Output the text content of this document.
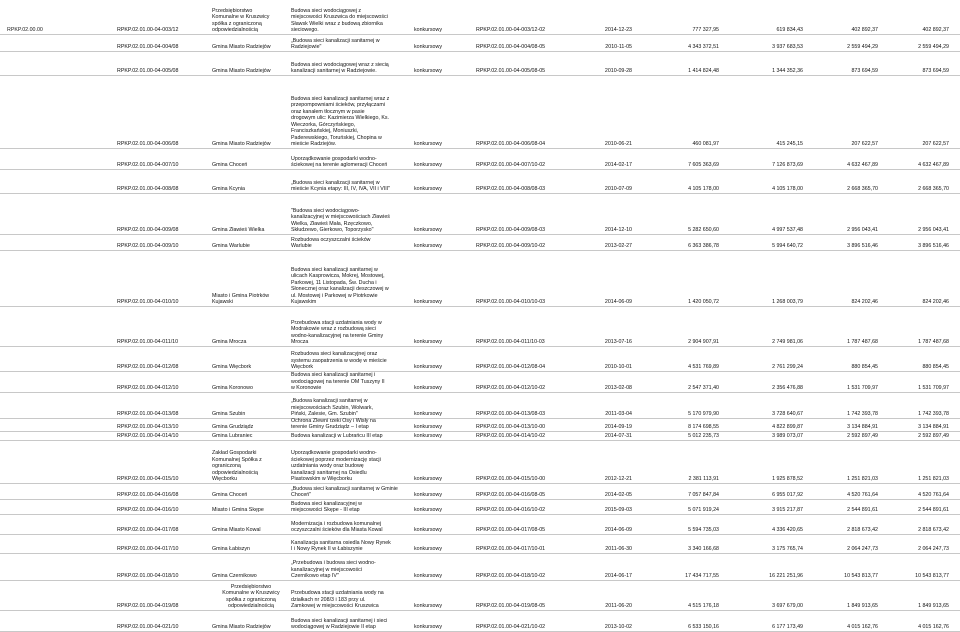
RPKP.02.00.00	RPKP.02.01.00-04-003/12
Przedsiębiorstwo
Komunalne w Kruszwicy
spółka z ograniczoną
odpowiedzialnością
Budowa sieci wodociągowej z
miejscowości Kruszwica do miejscowości
Sławsk Wielki wraz z budową zbiornika
sieciowego.	konkursowy	RPKP.02.01.00-04-003/12-02	2014-12-23	777 327,95	619 834,43	402 892,37	402 892,37
RPKP.02.01.00-04-004/08	Gmina Miasto Radziejów
„Budowa sieci kanalizacji sanitarnej w
Radziejowie"	konkursowy	RPKP.02.01.00-04-004/08-05	2010-11-05	4 343 372,51	3 937 683,53	2 559 494,29	2 559 494,29
RPKP.02.01.00-04-005/08	Gmina Miasto Radziejów
Budowa sieci wodociągowej wraz z siecią
kanalizacji sanitarnej w Radziejowie.	konkursowy	RPKP.02.01.00-04-005/08-05	2010-09-28	1 414 824,48	1 344 352,36	873 694,59	873 694,59
RPKP.02.01.00-04-006/08	Gmina Miasto Radziejów
Budowa sieci kanalizacji sanitarnej wraz z
przepompowniami ścieków, przyłączami
oraz kanałem tłocznym w pasie
drogowym ulic: Kazimierza Wielkiego, Ks.
Wieczorka, Górczyńskiego,
Franciszkańskiej, Moniuszki,
Paderewskiego, Toruńskiej, Chopina w
mieście Radziejów.	konkursowy	RPKP.02.01.00-04-006/08-04	2010-06-21	460 081,97	415 245,15	207 622,57	207 622,57
RPKP.02.01.00-04-007/10	Gmina Choceń
Uporządkowanie gospodarki wodno-
ściekowej na terenie aglomeracji Choceń	konkursowy	RPKP.02.01.00-04-007/10-02	2014-02-17	7 605 363,69	7 126 873,69	4 632 467,89	4 632 467,89
RPKP.02.01.00-04-008/08	Gmina Kcynia
„Budowa sieci kanalizacji sanitarnej w
mieście Kcynia etapy: III, IV, IVA, VII i VIII"	konkursowy	RPKP.02.01.00-04-008/08-03	2010-07-09	4 105 178,00	4 105 178,00	2 668 365,70	2 668 365,70
RPKP.02.01.00-04-009/08	Gmina Zławieś Wielka
"Budowa sieci wodociągowo-
kanalizacyjnej w miejscowościach Zławieś
Wielka, Zławieś Mała, Rzęczkowo,
Skłudzewo, Gierkowo, Toporzysko"	konkursowy	RPKP.02.01.00-04-009/08-03	2014-12-10	5 282 650,60	4 997 537,48	2 956 043,41	2 956 043,41
RPKP.02.01.00-04-009/10	Gmina Warlubie
Rozbudowa oczyszczalni ścieków
Warlubie	konkursowy	RPKP.02.01.00-04-009/10-02	2013-02-27	6 363 386,78	5 994 640,72	3 896 516,46	3 896 516,46
RPKP.02.01.00-04-010/10
Miasto i Gmina Piotrków
Kujawski
Budowa sieci kanalizacji sanitarnej w
ulicach Kasprowicza, Mokrej, Mostowej,
Parkowej, 11 Listopada, Św. Ducha i
Słonecznej oraz kanalizacji deszczowej w
ul. Mostowej i Parkowej w Piotrkowie
Kujawskim	konkursowy	RPKP.02.01.00-04-010/10-03	2014-06-09	1 420 050,72	1 268 003,79	824 202,46	824 202,46
RPKP.02.01.00-04-011/10	Gmina Mrocza
Przebudowa stacji uzdatniania wody w
Modrakowie wraz z rozbudową sieci
wodno-kanalizacyjnej na terenie Gminy
Mrocza	konkursowy	RPKP.02.01.00-04-011/10-03	2013-07-16	2 904 907,91	2 749 981,06	1 787 487,68	1 787 487,68
RPKP.02.01.00-04-012/08	Gmina Więcbork
Rozbudowa sieci kanalizacyjnej oraz
systemu zaopatrzenia w wodę w mieście
Więcbork	konkursowy	RPKP.02.01.00-04-012/08-04	2010-10-01	4 531 769,89	2 761 299,24	880 854,45	880 854,45
RPKP.02.01.00-04-012/10	Gmina Koronowo
Budowa sieci kanalizacji sanitarnej i
wodociągowej na terenie OM Tuszyny II
w Koronowie	konkursowy	RPKP.02.01.00-04-012/10-02	2013-02-08	2 547 371,40	2 356 476,88	1 531 709,97	1 531 709,97
RPKP.02.01.00-04-013/08	Gmina Szubin
„Budowa kanalizacji sanitarnej w
miejscowościach Szubin, Wolwark,
Piński, Zalesie, Gm. Szubin"	konkursowy	RPKP.02.01.00-04-013/08-03	2011-03-04	5 170 979,90	3 728 640,67	1 742 393,78	1 742 393,78
RPKP.02.01.00-04-013/10	Gmina Grudziądz
Ochrona Zlewni rzeki Osy i Wisły na
terenie Gminy Grudziądz – I etap	konkursowy	RPKP.02.01.00-04-013/10-00	2014-09-19	8 174 698,55	4 822 899,87	3 134 884,91	3 134 884,91
RPKP.02.01.00-04-014/10	Gmina Lubraniec	Budowa kanalizacji w Lubrańcu III etap	konkursowy	RPKP.02.01.00-04-014/10-02	2014-07-31	5 012 235,73	3 989 073,07	2 592 897,49	2 592 897,49
RPKP.02.01.00-04-015/10
Zakład Gospodarki
Komunalnej Spółka z
ograniczoną
odpowiedzialnością
Więcborku
Uporządkowanie gospodarki wodno-
ściekowej poprzez modernizację stacji
uzdatniania wody oraz budowę
kanalizacji sanitarnej na Osiedlu
Piastowskim w Więcborku	konkursowy	RPKP.02.01.00-04-015/10-00	2012-12-21	2 381 113,91	1 925 878,52	1 251 821,03	1 251 821,03
RPKP.02.01.00-04-016/08	Gmina Choceń
„Budowa sieci kanalizacji sanitarnej w Gminie
Choceń"	konkursowy	RPKP.02.01.00-04-016/08-05	2014-02-05	7 057 847,84	6 955 017,92	4 520 761,64	4 520 761,64
RPKP.02.01.00-04-016/10	Miasto i Gmina Skępe
Budowa sieci kanalizacyjnej w
miejscowości Skępe - III etap	konkursowy	RPKP.02.01.00-04-016/10-02	2015-09-03	5 071 919,24	3 915 217,87	2 544 891,61	2 544 891,61
RPKP.02.01.00-04-017/08	Gmina Miasto Kowal
Modernizacja i rozbudowa komunalnej
oczyszczalni ścieków dla Miasta Kowal	konkursowy	RPKP.02.01.00-04-017/08-05	2014-06-09	5 594 735,03	4 336 420,65	2 818 673,42	2 818 673,42
RPKP.02.01.00-04-017/10	Gmina Łabiszyn
Kanalizacja sanitarna osiedla Nowy Rynek
I i Nowy Rynek II w Łabiszynie	konkursowy	RPKP.02.01.00-04-017/10-01	2011-06-30	3 340 166,68	3 175 765,74	2 064 247,73	2 064 247,73
RPKP.02.01.00-04-018/10	Gmina Czernikowo
„Przebudowa i budowa sieci wodno-
kanalizacyjnej w miejscowości
Czernikowo etap IV"	konkursowy	RPKP.02.01.00-04-018/10-02	2014-06-17	17 434 717,55	16 221 251,96	10 543 813,77	10 543 813,77
RPKP.02.01.00-04-019/08
Przedsiębiorstwo
Komunalne w Kruszwicy
spółka z ograniczoną
odpowiedzialnością
Przebudowa stacji uzdatniania wody na
działkach nr 208/3 i 183 przy ul.
Zamkowej w miejscowości Kruszwica	konkursowy	RPKP.02.01.00-04-019/08-05	2011-06-20	4 515 176,18	3 697 679,00	1 849 913,65	1 849 913,65
RPKP.02.01.00-04-021/10	Gmina Miasto Radziejów
Budowa sieci kanalizacji sanitarnej i sieci
wodociągowej w Radziejowie II etap	konkursowy	RPKP.02.01.00-04-021/10-02	2013-10-02	6 533 150,16	6 177 173,49	4 015 162,76	4 015 162,76
